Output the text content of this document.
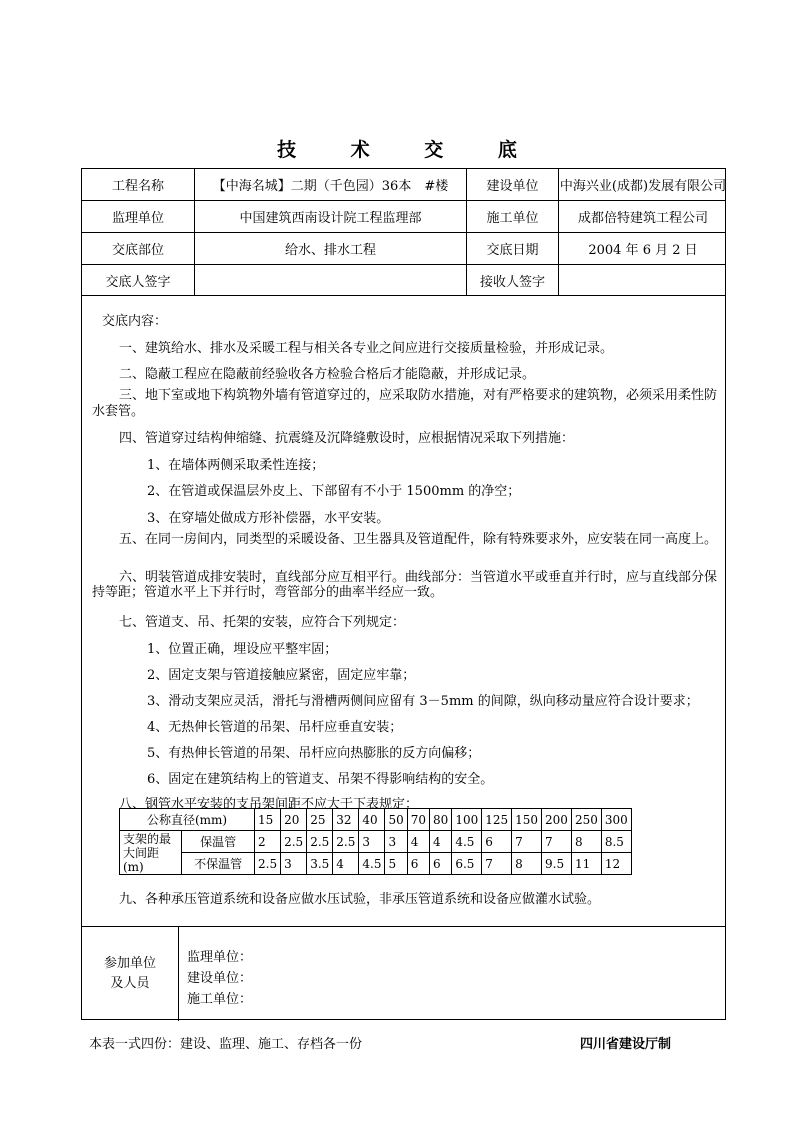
技 术 交 底
工程名称	【中海名城】二期（千色园）36本　#楼	建设单位	中海兴业(成都)发展有限公司
监理单位	中国建筑西南设计院工程监理部	施工单位	成都倍特建筑工程公司
交底部位	给水、排水工程	交底日期	2004 年 6 月 2 日
交底人签字	接收人签字
交底内容：
一、建筑给水、排水及采暖工程与相关各专业之间应进行交接质量检验，并形成记录。
二、隐蔽工程应在隐蔽前经验收各方检验合格后才能隐蔽，并形成记录。
三、地下室或地下构筑物外墙有管道穿过的，应采取防水措施，对有严格要求的建筑物，必须采用柔性防水套管。
四、管道穿过结构伸缩缝、抗震缝及沉降缝敷设时，应根据情况采取下列措施：
1、在墙体两侧采取柔性连接；
2、在管道或保温层外皮上、下部留有不小于 1500mm 的净空；
3、在穿墙处做成方形补偿器，水平安装。
五、在同一房间内，同类型的采暖设备、卫生器具及管道配件，除有特殊要求外，应安装在同一高度上。
六、明装管道成排安装时，直线部分应互相平行。曲线部分：当管道水平或垂直并行时，应与直线部分保持等距；管道水平上下并行时，弯管部分的曲率半经应一致。
七、管道支、吊、托架的安装，应符合下列规定：
1、位置正确，埋设应平整牢固；
2、固定支架与管道接触应紧密，固定应牢靠；
3、滑动支架应灵活，滑托与滑槽两侧间应留有 3－5mm 的间隙，纵向移动量应符合设计要求；
4、无热伸长管道的吊架、吊杆应垂直安装；
5、有热伸长管道的吊架、吊杆应向热膨胀的反方向偏移；
6、固定在建筑结构上的管道支、吊架不得影响结构的安全。
八、钢管水平安装的支吊架间距不应大于下表规定：
公称直径(mm)		15	20	25	32	40	50	70	80	100	125	150	200	250	300
支架的最大间距(m)	保温管	2	2.5	2.5	2.5	3	3	4	4	4.5	6	7	7	8	8.5
	不保温管	2.5	3	3.5	4	4.5	5	6	6	6.5	7	8	9.5	11	12
九、各种承压管道系统和设备应做水压试验，非承压管道系统和设备应做灌水试验。
参加单位
及人员
监理单位：
建设单位：
施工单位：
本表一式四份：建设、监理、施工、存档各一份	四川省建设厅制
